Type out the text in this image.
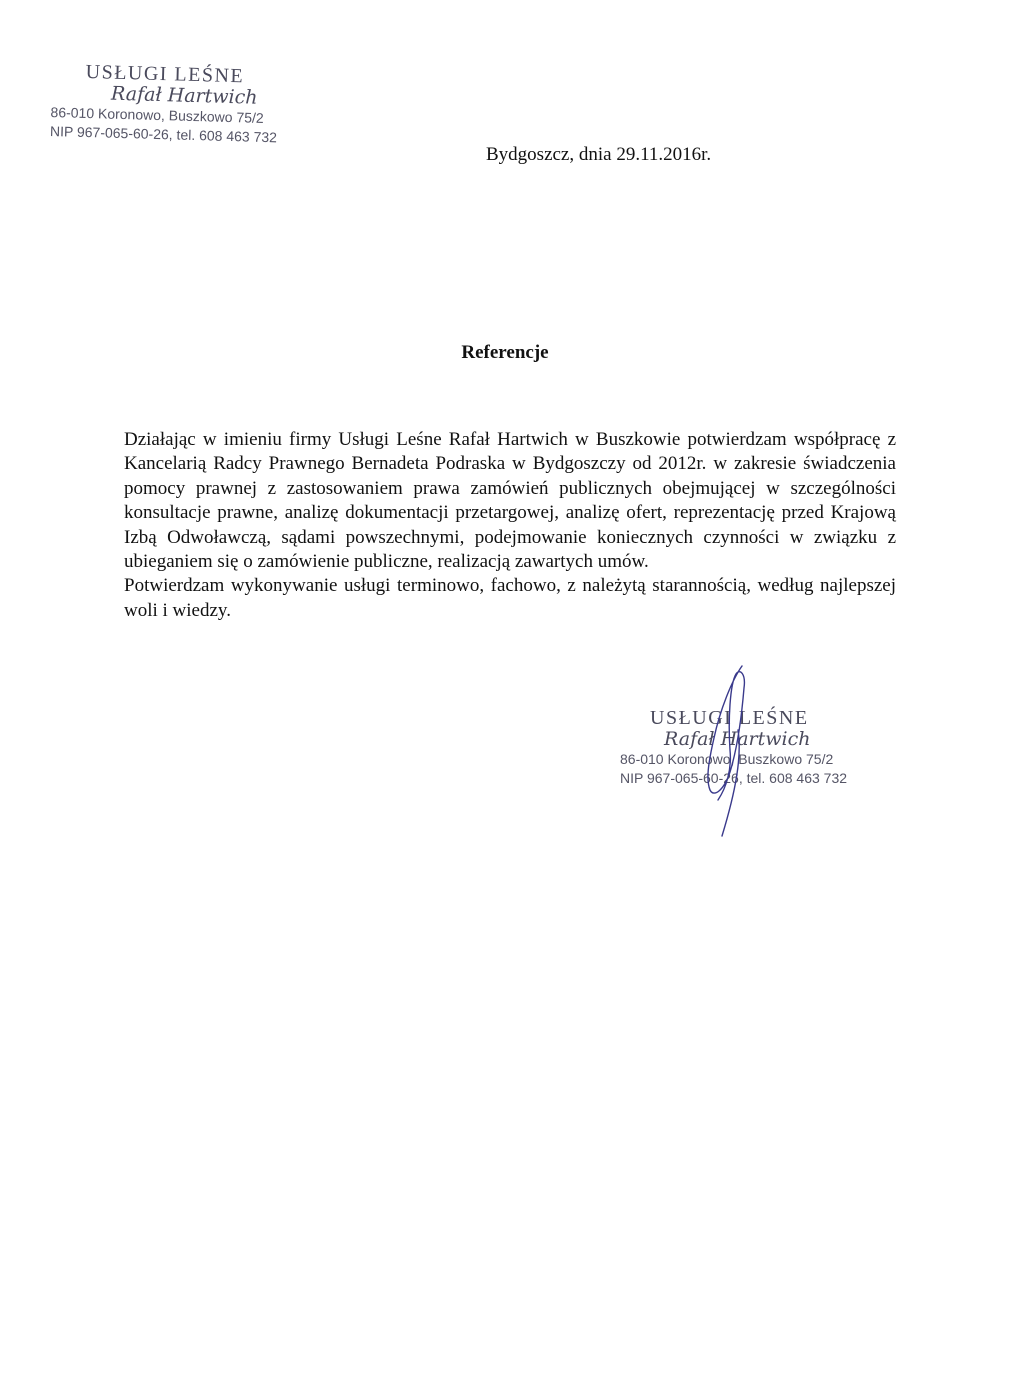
USŁUGI LEŚNE
Rafał Hartwich
86-010 Koronowo, Buszkowo 75/2
NIP 967-065-60-26, tel. 608 463 732
Bydgoszcz, dnia 29.11.2016r.
Referencje

Działając w imieniu firmy Usługi Leśne Rafał Hartwich w Buszkowie potwierdzam współpracę z Kancelarią Radcy Prawnego Bernadeta Podraska w Bydgoszczy od 2012r. w zakresie świadczenia pomocy prawnej z zastosowaniem prawa zamówień publicznych obejmującej w szczególności konsultacje prawne, analizę dokumentacji przetargowej, analizę ofert, reprezentację przed Krajową Izbą Odwoławczą, sądami powszechnymi, podejmowanie koniecznych czynności w związku z ubieganiem się o zamówienie publiczne, realizacją zawartych umów.

Potwierdzam wykonywanie usługi terminowo, fachowo, z należytą starannością, według najlepszej woli i wiedzy.

USŁUGI LEŚNE
Rafał Hartwich
86-010 Koronowo, Buszkowo 75/2
NIP 967-065-60-26, tel. 608 463 732
